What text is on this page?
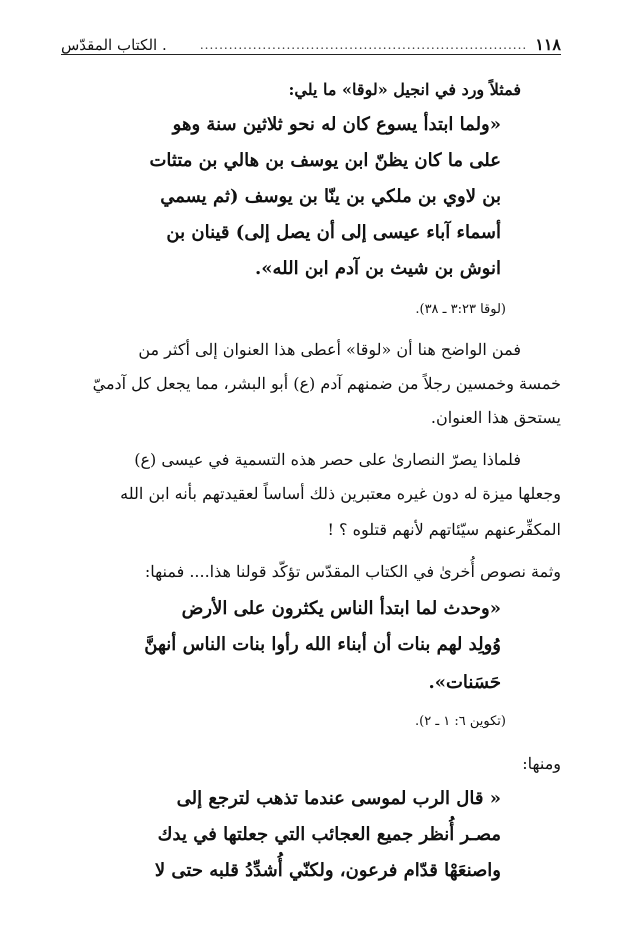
١١٨
....................................................................
. الكتاب المقدّس
فمثلاً ورد في انجيل «لوقا» ما يلي:
«ولما ابتدأ يسوع كان له نحو ثلاثين سنة وهو
على ما كان يظنّ ابن يوسف بن هالي بن متثات
بن لاوي بن ملكي بن ينّا بن يوسف (ثم يسمي
أسماء آباء عيسى إلى أن يصل إلى) قينان بن
انوش بن شيث بن آدم ابن الله».
(لوقا ٣:٢٣ ـ ٣٨).
فمن الواضح هنا أن «لوقا» أعطى هذا العنوان إلى أكثر من
خمسة وخمسين رجلاً من ضمنهم آدم (ع) أبو البشر، مما يجعل كل آدميّ
يستحق هذا العنوان.
فلماذا يصرّ النصارىٰ على حصر هذه التسمية في عيسى (ع)
وجعلها ميزة له دون غيره معتبرين ذلك أساساً لعقيدتهم بأنه ابن الله
المكفِّرعنهم سيّئاتهم لأنهم قتلوه ؟ !
وثمة نصوص أُخرىٰ في الكتاب المقدّس تؤكّد قولنا هذا.... فمنها:
«وحدث لما ابتدأ الناس يكثرون على الأرض
وُولِد لهم بنات أن أبناء الله رأوا بنات الناس أنهنَّ
حَسَنات».
(تكوين ٦: ١ ـ ٢).
ومنها:
« قال الرب لموسى عندما تذهب لترجع إلى
مصـر أُنظر جميع العجائب التي جعلتها في يدك
واصنعَهْا قدّام فرعون، ولكنّي أُشدِّدُ قلبه حتى لا
